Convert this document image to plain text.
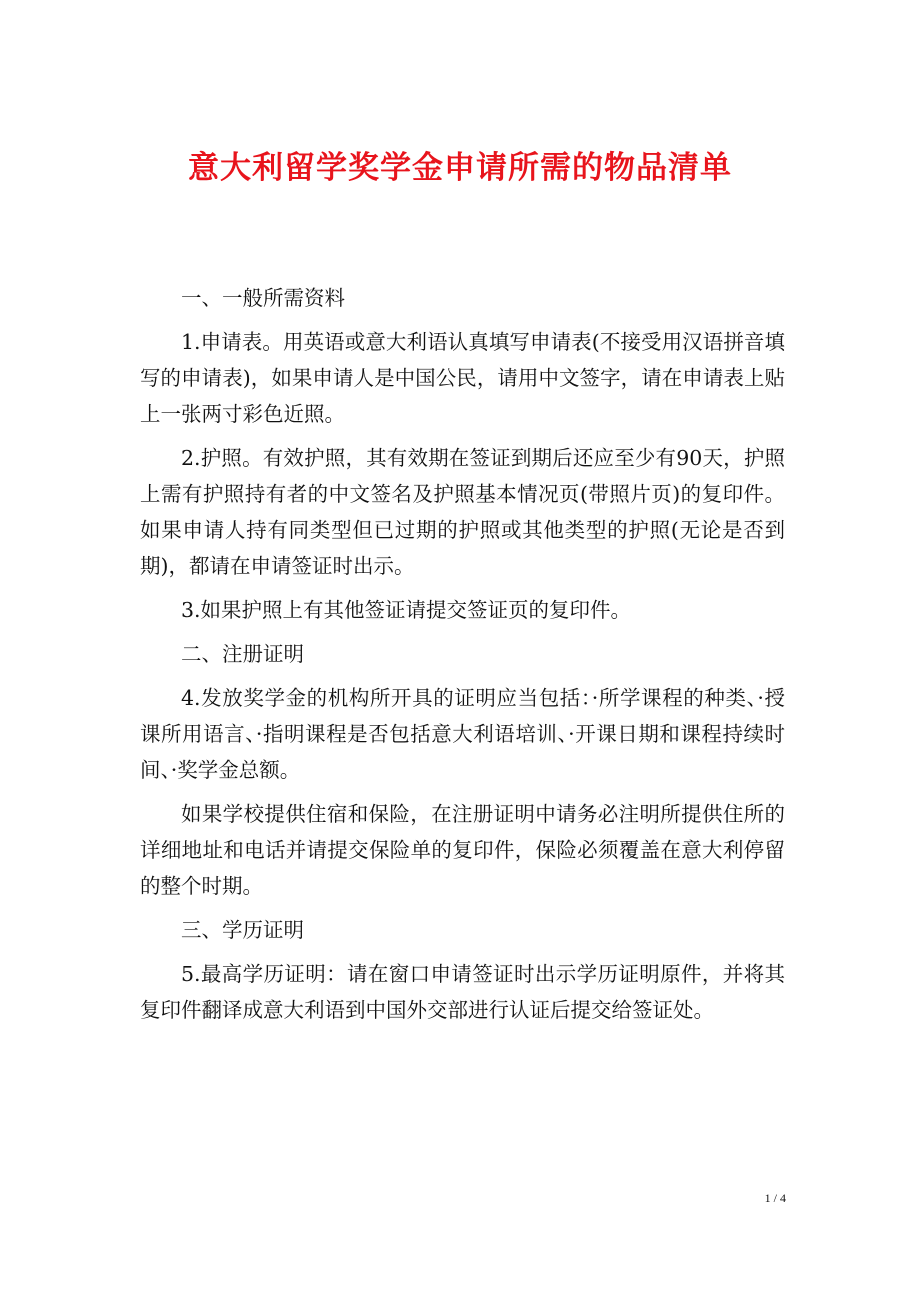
意大利留学奖学金申请所需的物品清单

一、一般所需资料

1.申请表。用英语或意大利语认真填写申请表(不接受用汉语拼音填写的申请表)，如果申请人是中国公民，请用中文签字，请在申请表上贴上一张两寸彩色近照。

2.护照。有效护照，其有效期在签证到期后还应至少有90天，护照上需有护照持有者的中文签名及护照基本情况页(带照片页)的复印件。如果申请人持有同类型但已过期的护照或其他类型的护照(无论是否到期)，都请在申请签证时出示。

3.如果护照上有其他签证请提交签证页的复印件。

二、注册证明

4.发放奖学金的机构所开具的证明应当包括：·所学课程的种类、·授课所用语言、·指明课程是否包括意大利语培训、·开课日期和课程持续时间、·奖学金总额。

如果学校提供住宿和保险，在注册证明中请务必注明所提供住所的详细地址和电话并请提交保险单的复印件，保险必须覆盖在意大利停留的整个时期。

三、学历证明

5.最高学历证明：请在窗口申请签证时出示学历证明原件，并将其复印件翻译成意大利语到中国外交部进行认证后提交给签证处。

1 / 4
